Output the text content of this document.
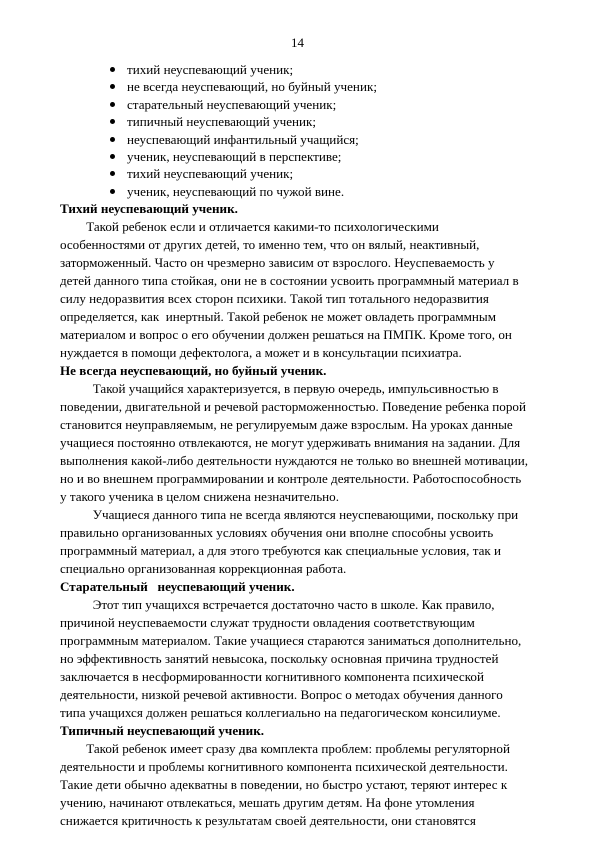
14
тихий неуспевающий ученик;
не всегда неуспевающий, но буйный ученик;
старательный неуспевающий ученик;
типичный неуспевающий ученик;
неуспевающий инфантильный учащийся;
ученик, неуспевающий в перспективе;
тихий неуспевающий ученик;
ученик, неуспевающий по чужой вине.
Тихий неуспевающий ученик.
Такой ребенок если и отличается какими-то психологическими
особенностями от других детей, то именно тем, что он вялый, неактивный,
заторможенный. Часто он чрезмерно зависим от взрослого. Неуспеваемость у
детей данного типа стойкая, они не в состоянии усвоить программный материал в
силу недоразвития всех сторон психики. Такой тип тотального недоразвития
определяется, как  инертный. Такой ребенок не может овладеть программным
материалом и вопрос о его обучении должен решаться на ПМПК. Кроме того, он
нуждается в помощи дефектолога, а может и в консультации психиатра.
Не всегда неуспевающий, но буйный ученик.
Такой учащийся характеризуется, в первую очередь, импульсивностью в
поведении, двигательной и речевой расторможенностью. Поведение ребенка порой
становится неуправляемым, не регулируемым даже взрослым. На уроках данные
учащиеся постоянно отвлекаются, не могут удерживать внимания на задании. Для
выполнения какой-либо деятельности нуждаются не только во внешней мотивации,
но и во внешнем программировании и контроле деятельности. Работоспособность
у такого ученика в целом снижена незначительно.
Учащиеся данного типа не всегда являются неуспевающими, поскольку при
правильно организованных условиях обучения они вполне способны усвоить
программный материал, а для этого требуются как специальные условия, так и
специально организованная коррекционная работа.
Старательный   неуспевающий ученик.
Этот тип учащихся встречается достаточно часто в школе. Как правило,
причиной неуспеваемости служат трудности овладения соответствующим
программным материалом. Такие учащиеся стараются заниматься дополнительно,
но эффективность занятий невысока, поскольку основная причина трудностей
заключается в несформированности когнитивного компонента психической
деятельности, низкой речевой активности. Вопрос о методах обучения данного
типа учащихся должен решаться коллегиально на педагогическом консилиуме.
Типичный неуспевающий ученик.
Такой ребенок имеет сразу два комплекта проблем: проблемы регуляторной
деятельности и проблемы когнитивного компонента психической деятельности.
Такие дети обычно адекватны в поведении, но быстро устают, теряют интерес к
учению, начинают отвлекаться, мешать другим детям. На фоне утомления
снижается критичность к результатам своей деятельности, они становятся
